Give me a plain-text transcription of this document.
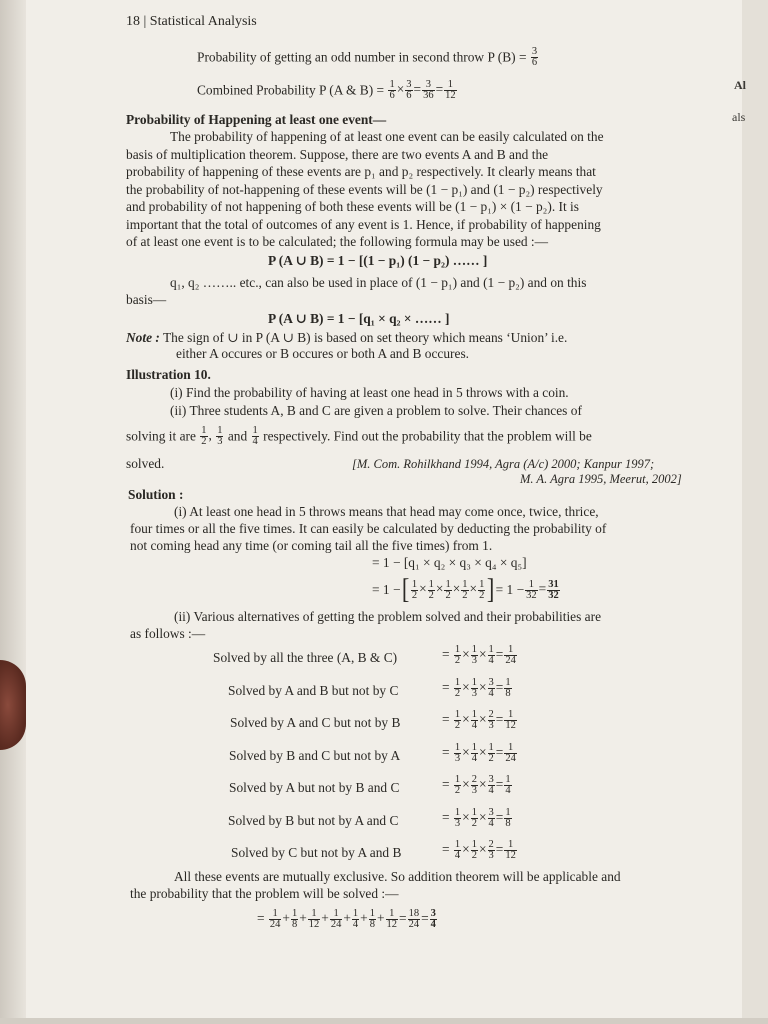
Al
als
18 | Statistical Analysis
Probability of getting an odd number in second throw P $(B) = \frac{3}{6}$
Combined Probability P (A & $B) = \frac{1}{6} \times \frac{3}{6} = \frac{3}{36} = \frac{1}{12}$
Probability of Happening at least one event—
The probability of happening of at least one event can be easily calculated on the
basis of multiplication theorem. Suppose, there are two events A and B and the
probability of happening of these events are p₁ and p₂ respectively. It clearly means that
the probability of not-happening of these events will be (1 − p₁) and (1 − p₂) respectively
and probability of not happening of both these events will be (1 − p₁) × (1 − p₂). It is
important that the total of outcomes of any event is 1. Hence, if probability of happening
of at least one event is to be calculated; the following formula may be used :—
P (A ∪ B) = 1 − [(1 − p₁) (1 − p₂) …… ]
q₁, q₂ …….. etc., can also be used in place of (1 − p₁) and (1 − p₂) and on this
basis—
P (A ∪ B) = 1 − [q₁ × q₂ × …… ]
Note : The sign of ∪ in P (A ∪ B) is based on set theory which means ‘Union’ i.e.
either A occures or B occures or both A and B occures.
Illustration 10.
(i) Find the probability of having at least one head in 5 throws with a coin.
(ii) Three students A, B and C are given a problem to solve. Their chances of
solving it are $\frac{1}{2}$ , $\frac{1}{3}$ and $\frac{1}{4}$ respectively. Find out the probability that the problem will be
solved.	[M. Com. Rohilkhand 1994, Agra (A/c) 2000; Kanpur 1997;
M. A. Agra 1995, Meerut, 2002]
Solution :
(i) At least one head in 5 throws means that head may come once, twice, thrice,
four times or all the five times. It can easily be calculated by deducting the probability of
not coming head any time (or coming tail all the five times) from 1.
= 1 − [q₁ × q₂ × q₃ × q₄ × q₅]
= 1 −[ $\frac{1}{2} \times \frac{1}{2} \times \frac{1}{2} \times \frac{1}{2} \times \frac{1}{2}$ ]= $1 - \frac{1}{32} = \frac{31}{32}$
(ii) Various alternatives of getting the problem solved and their probabilities are
as follows :—
Solved by all the three (A, B & C)	= $\frac{1}{2} \times \frac{1}{3} \times \frac{1}{4} = \frac{1}{24}$
Solved by A and B but not by C	= $\frac{1}{2} \times \frac{1}{3} \times \frac{3}{4} = \frac{1}{8}$
Solved by A and C but not by B	= $\frac{1}{2} \times \frac{1}{4} \times \frac{2}{3} = \frac{1}{12}$
Solved by B and C but not by A	= $\frac{1}{3} \times \frac{1}{4} \times \frac{1}{2} = \frac{1}{24}$
Solved by A but not by B and C	= $\frac{1}{2} \times \frac{2}{3} \times \frac{3}{4} = \frac{1}{4}$
Solved by B but not by A and C	= $\frac{1}{3} \times \frac{1}{2} \times \frac{3}{4} = \frac{1}{8}$
Solved by C but not by A and B	= $\frac{1}{4} \times \frac{1}{2} \times \frac{2}{3} = \frac{1}{12}$
All these events are mutually exclusive. So addition theorem will be applicable and
the probability that the problem will be solved :—
= $\frac{1}{24} + \frac{1}{8} + \frac{1}{12} + \frac{1}{24} + \frac{1}{4} + \frac{1}{8} + \frac{1}{12} = \frac{18}{24} = \frac{3}{4}$
